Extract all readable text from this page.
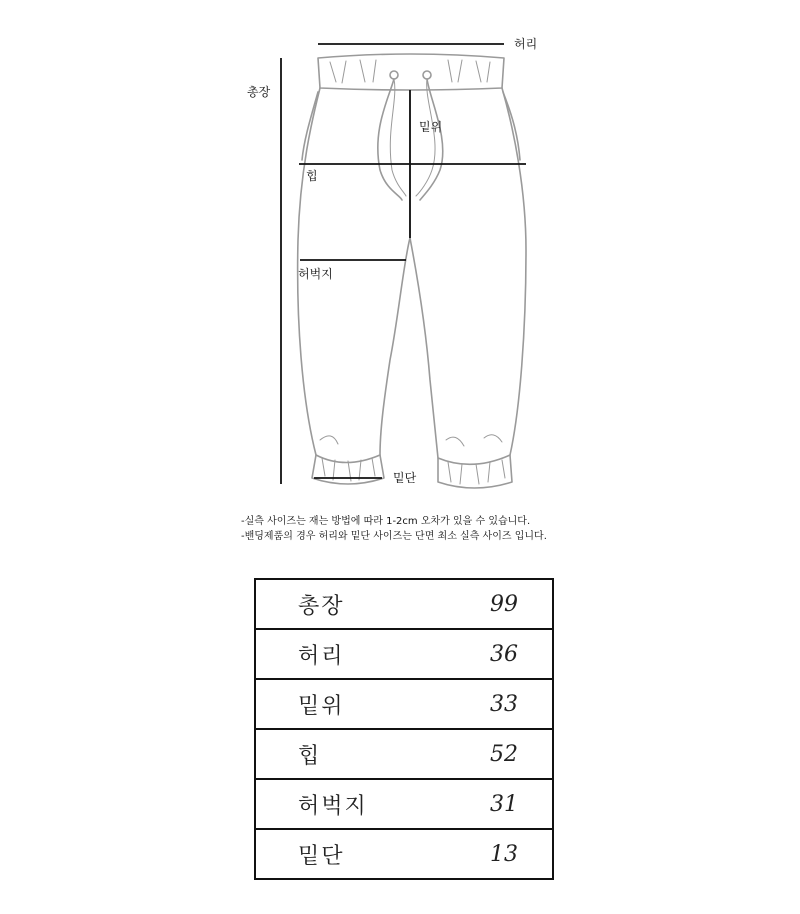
허리
총장
밑위
힙
허벅지
밑단
-실측 사이즈는 재는 방법에 따라 1-2cm 오차가 있을 수 있습니다.
-밴딩제품의 경우 허리와 밑단 사이즈는 단면 최소 실측 사이즈 입니다.
총장	99
허리	36
밑위	33
힙	52
허벅지	31
밑단	13
